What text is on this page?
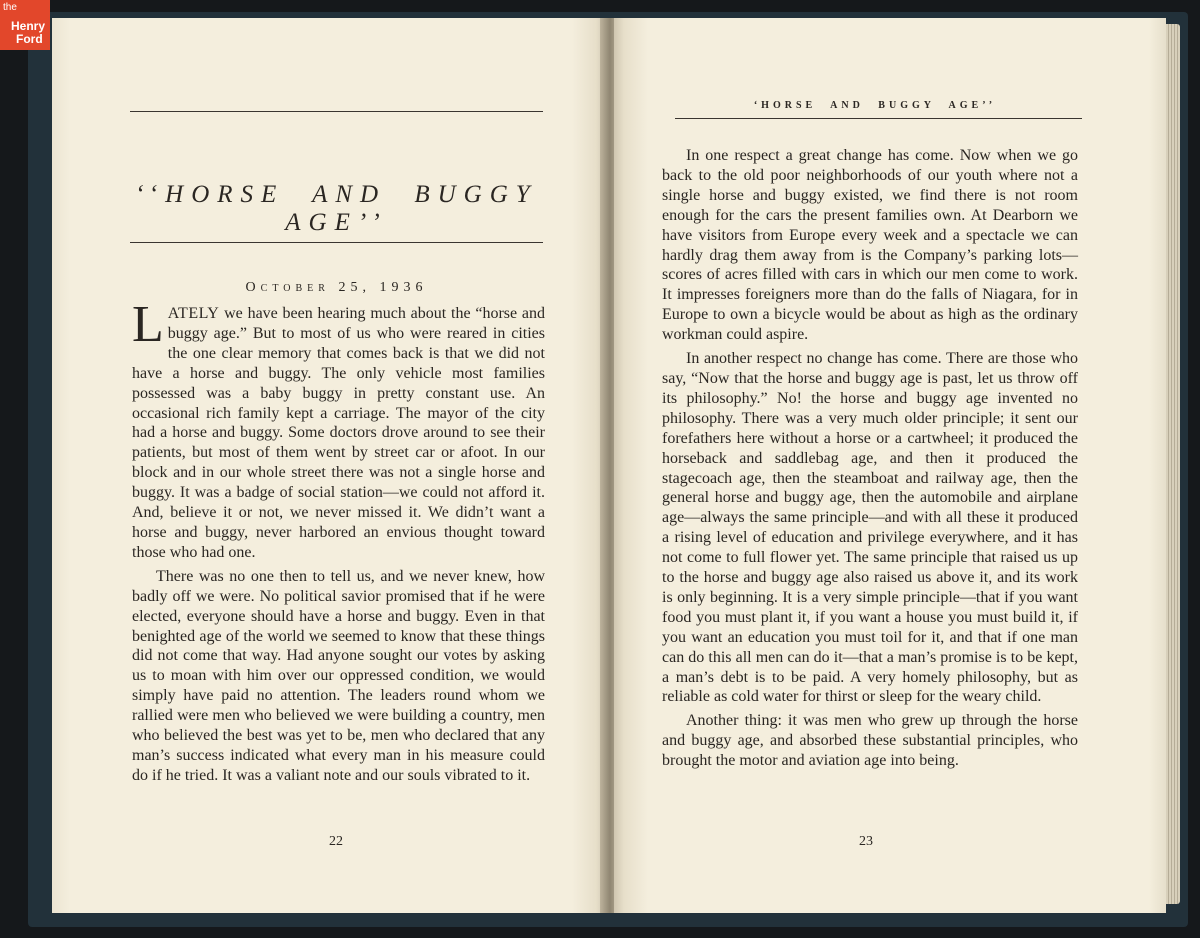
the
Henry
Ford
‘‘HORSE AND BUGGY AGE’’
October 25, 1936

LATELY we have been hearing much about the “horse and buggy age.” But to most of us who were reared in cities the one clear memory that comes back is that we did not have a horse and buggy. The only vehicle most families possessed was a baby buggy in pretty constant use. An occasional rich family kept a carriage. The mayor of the city had a horse and buggy. Some doctors drove around to see their patients, but most of them went by street car or afoot. In our block and in our whole street there was not a single horse and buggy. It was a badge of social station—we could not afford it. And, believe it or not, we never missed it. We didn’t want a horse and buggy, never harbored an envious thought toward those who had one.

There was no one then to tell us, and we never knew, how badly off we were. No political savior promised that if he were elected, everyone should have a horse and buggy. Even in that benighted age of the world we seemed to know that these things did not come that way. Had anyone sought our votes by asking us to moan with him over our oppressed condition, we would simply have paid no attention. The leaders round whom we rallied were men who believed we were building a country, men who believed the best was yet to be, men who declared that any man’s success indicated what every man in his measure could do if he tried. It was a valiant note and our souls vibrated to it.

22

In one respect a great change has come. Now when we go back to the old poor neighborhoods of our youth where not a single horse and buggy existed, we find there is not room enough for the cars the present families own. At Dearborn we have visitors from Europe every week and a spectacle we can hardly drag them away from is the Company’s parking lots—scores of acres filled with cars in which our men come to work. It impresses foreigners more than do the falls of Niagara, for in Europe to own a bicycle would be about as high as the ordinary workman could aspire.

In another respect no change has come. There are those who say, “Now that the horse and buggy age is past, let us throw off its philosophy.” No! the horse and buggy age invented no philosophy. There was a very much older principle; it sent our forefathers here without a horse or a cartwheel; it produced the horseback and saddlebag age, and then it produced the stagecoach age, then the steamboat and railway age, then the general horse and buggy age, then the automobile and airplane age—always the same principle—and with all these it produced a rising level of education and privilege everywhere, and it has not come to full flower yet. The same principle that raised us up to the horse and buggy age also raised us above it, and its work is only beginning. It is a very simple principle—that if you want food you must plant it, if you want a house you must build it, if you want an education you must toil for it, and that if one man can do this all men can do it—that a man’s promise is to be kept, a man’s debt is to be paid. A very homely philosophy, but as reliable as cold water for thirst or sleep for the weary child.

Another thing: it was men who grew up through the horse and buggy age, and absorbed these substantial principles, who brought the motor and aviation age into being.

23
‘HORSE AND BUGGY AGE’’
